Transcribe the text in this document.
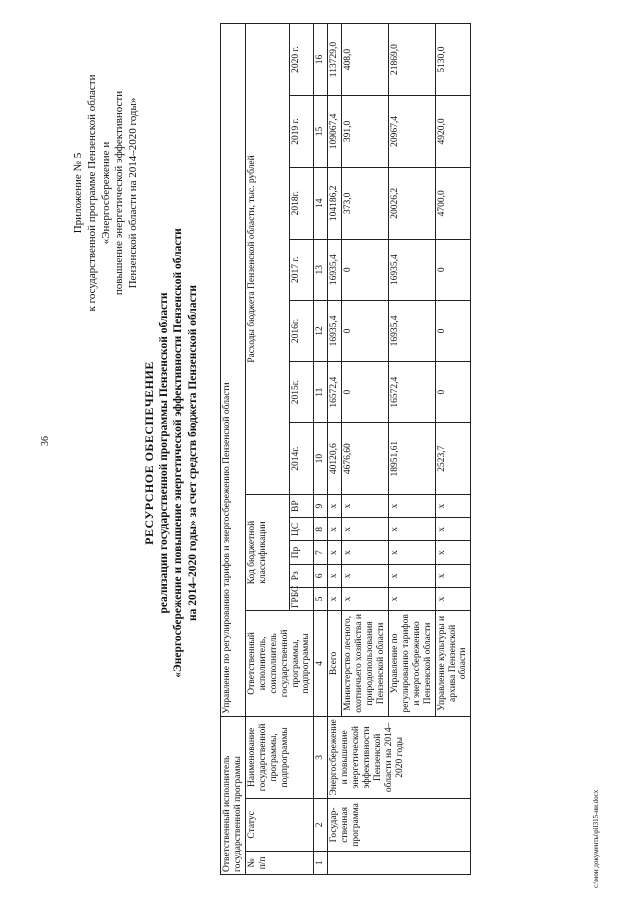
36
Приложение № 5 к государственной программе Пензенской области «Энергосбережение и повышение энергетической эффективности Пензенской области на 2014–2020 годы»
РЕСУРСНОЕ ОБЕСПЕЧЕНИЕ реализации государственной программы Пензенской области «Энергосбережение и повышение энергетической эффективности Пензенской области на 2014–2020 годы» за счет средств бюджета Пензенской области
Ответственный исполнитель государственной программы			Управление по регулированию тарифов и энергосбережению Пензенской области												
№ п/п	Статус	Наименование государственной программы, подпрограммы	Ответственный исполнитель, соисполнитель государственной программы, подпрограммы	Код бюджетной классификации					Расходы бюджета Пензенской области, тыс. рублей						
				ГРБС	Рз	Пр	ЦС	ВР	2014г.	2015г.	2016г.	2017 г.	2018г.	2019 г.	2020 г.
1	2	3	4	5	6	7	8	9	10	11	12	13	14	15	16
	Государ-ственная программа	Энергосбережение и повышение энергетической эффективности Пензенской области на 2014–2020 годы	Всего	х	х	х	х	х	40120,6	16572,4	16935,4	16935,4	104186,2	109067,4	113729,0
			Министерство лесного, охотничьего хозяйства и природопользования Пензенской области	х	х	х	х	х	4676,60	0	0	0	373,0	391,0	408,0
			Управление по регулированию тарифов и энергосбережению Пензенской области	х	х	х	х	х	18951,61	16572,4	16935,4	16935,4	20026,2	20967,4	21869,0
			Управление культуры и архива Пензенской области	х	х	х	х	х	2523,7	0	0	0	4700,0	4920,0	5130,0
c:\мои документы\pil315-ии.docx
